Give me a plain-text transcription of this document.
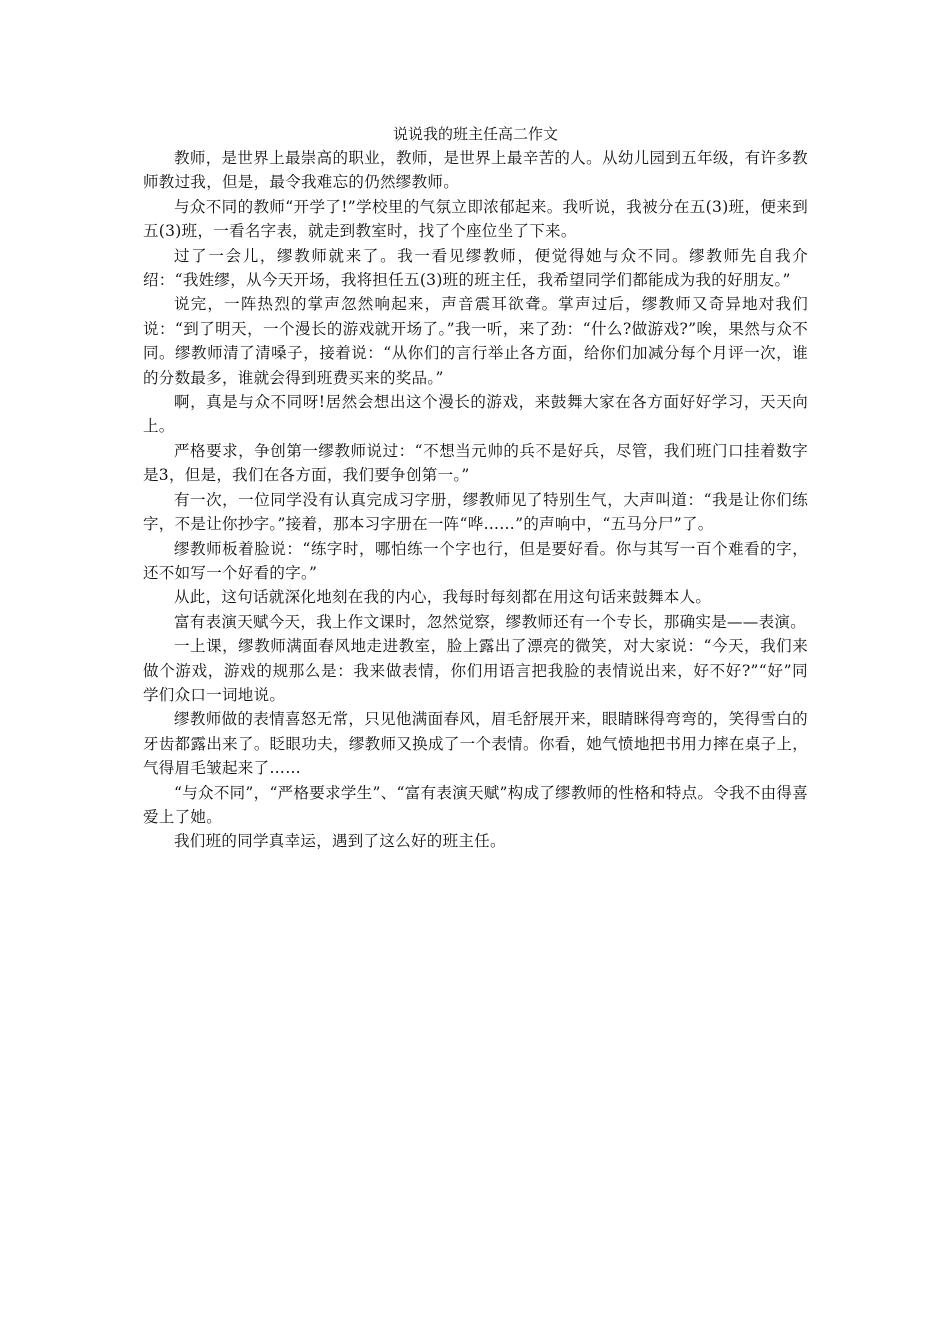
说说我的班主任高二作文

教师，是世界上最崇高的职业，教师，是世界上最辛苦的人。从幼儿园到五年级，有许多教师教过我，但是，最令我难忘的仍然缪教师。

与众不同的教师“开学了!”学校里的气氛立即浓郁起来。我听说，我被分在五(3)班，便来到五(3)班，一看名字表，就走到教室时，找了个座位坐了下来。

过了一会儿，缪教师就来了。我一看见缪教师，便觉得她与众不同。缪教师先自我介绍：“我姓缪，从今天开场，我将担任五(3)班的班主任，我希望同学们都能成为我的好朋友。”

说完，一阵热烈的掌声忽然响起来，声音震耳欲聋。掌声过后，缪教师又奇异地对我们说：“到了明天，一个漫长的游戏就开场了。”我一听，来了劲：“什么?做游戏?”唉，果然与众不同。缪教师清了清嗓子，接着说：“从你们的言行举止各方面，给你们加减分每个月评一次，谁的分数最多，谁就会得到班费买来的奖品。”

啊，真是与众不同呀!居然会想出这个漫长的游戏，来鼓舞大家在各方面好好学习，天天向上。

严格要求，争创第一缪教师说过：“不想当元帅的兵不是好兵，尽管，我们班门口挂着数字是3，但是，我们在各方面，我们要争创第一。”

有一次，一位同学没有认真完成习字册，缪教师见了特别生气，大声叫道：“我是让你们练字，不是让你抄字。”接着，那本习字册在一阵“哗……”的声响中，“五马分尸”了。

缪教师板着脸说：“练字时，哪怕练一个字也行，但是要好看。你与其写一百个难看的字，还不如写一个好看的字。”

从此，这句话就深化地刻在我的内心，我每时每刻都在用这句话来鼓舞本人。

富有表演天赋今天，我上作文课时，忽然觉察，缪教师还有一个专长，那确实是——表演。

一上课，缪教师满面春风地走进教室，脸上露出了漂亮的微笑，对大家说：“今天，我们来做个游戏，游戏的规那么是：我来做表情，你们用语言把我脸的表情说出来，好不好?”“好”同学们众口一词地说。

缪教师做的表情喜怒无常，只见他满面春风，眉毛舒展开来，眼睛眯得弯弯的，笑得雪白的牙齿都露出来了。眨眼功夫，缪教师又换成了一个表情。你看，她气愤地把书用力摔在桌子上，气得眉毛皱起来了……

“与众不同”，“严格要求学生”、“富有表演天赋”构成了缪教师的性格和特点。令我不由得喜爱上了她。

我们班的同学真幸运，遇到了这么好的班主任。
